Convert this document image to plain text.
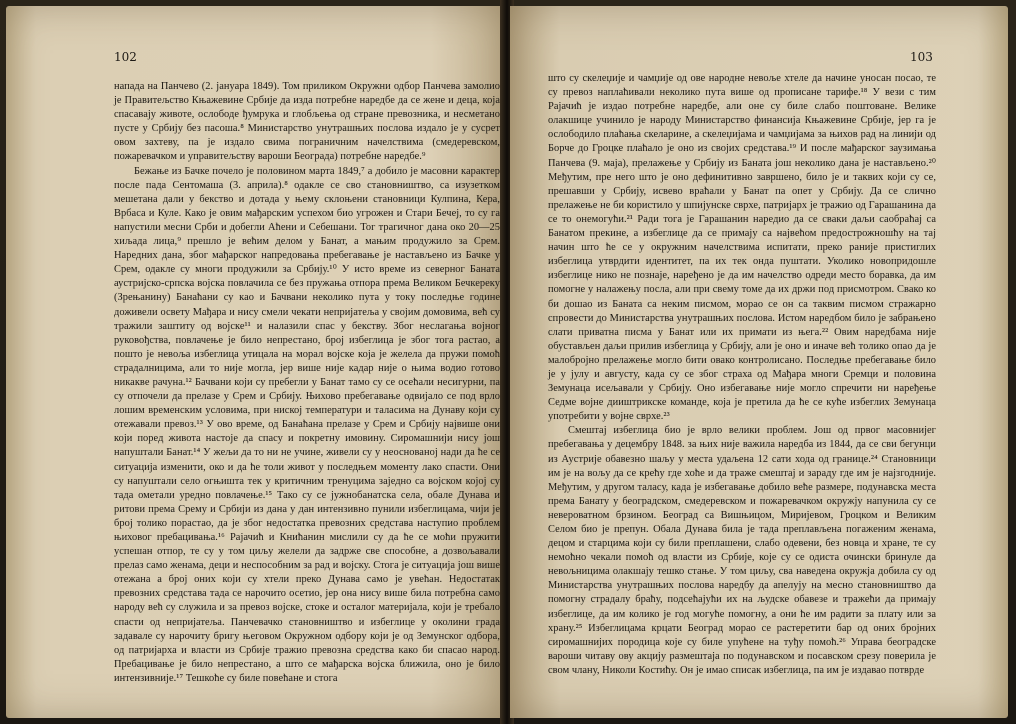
102

напада на Панчево (2. јануара 1849). Том приликом Окружни одбор Панчева замолио је Правитељство Књажевине Србије да изда потребне наредбе да се жене и деца, која спасавају животе, ослободе ђумрука и глобљења од стране превозника, и несметано пусте у Србију без пасоша.⁸ Министарство унутрашњих послова издало је у сусрет овом захтеву, па је издало свима пограничним начелствима (смедеревском, пожаревачком и управитељству вароши Београда) потребне наредбе.⁹

Бежање из Бачке почело је половином марта 1849,⁷ а добило је масовни карактер после пада Сентомаша (3. априла).⁸ одакле се сво становништво, са изузетком мешетана дали у бекство и дотада у њему склоњени становници Кулпина, Кера, Врбаса и Куле. Како је овим мађарским успехом био угрожен и Стари Бечеј, то су га напустили месни Срби и добегли Аћени и Себешани. Тог трагичног дана око 20—25 хиљада лица,⁹ прешло је већим делом у Банат, а мањим продужило за Срем. Наредних дана, због мађарског напредовања пребегавање је настављено из Бачке у Срем, одакле су многи продужили за Србију.¹⁰ У исто време из северног Баната аустријско-српска војска повлачила се без пружања отпора према Великом Бечкереку (Зрењанину) Банаћани су као и Бачвани неколико пута у току последње године доживели освету Мађара и нису смели чекати непријатеља у својим домовима, већ су тражили заштиту од војске¹¹ и налазили спас у бекству. Због неслагања војног руковођства, повлачење је било непрестано, број избеглица је због тога растао, а пошто је невоља избеглица утицала на морал војске која је желела да пружи помоћ страдалницима, али то није могла, јер више није кадар није о њима водио готово никакве рачуна.¹² Бачвани који су пребегли у Банат тамо су се осећали несигурни, па су отпочели да прелазе у Срем и Србију. Њихово пребегавање одвијало се под врло лошим временским условима, при ниској температури и таласима на Дунаву који су отежавали превоз.¹³ У ово време, од Банаћана прелазе у Срем и Србију највише они који поред живота настоје да спасу и покретну имовину. Сиромашнији нису још напуштали Банат.¹⁴ У жељи да то ни не учине, живели су у неоснованој нади да ће се ситуација изменити, око и да ће толи живот у последњем моменту лако спасти. Они су напуштали село огњишта тек у критичним тренуцима заједно са војском којој су тада ометали уредно повлачење.¹⁵ Тако су се јужнобанатска села, обале Дунава и ритови према Срему и Србији из дана у дан интензивно пунили избеглицама, чији је број толико порастао, да је због недостатка превозних средстава наступио проблем њиховог пребацивања.¹⁶ Рајачић и Книћанин мислили су да ће се моћи пружити успешан отпор, те су у том циљу желели да задрже све способне, а дозвољавали прелаз само женама, деци и неспособним за рад и војску. Стога је ситуација још више отежана а број оних који су хтели преко Дунава само је увећан. Недостатак превозних средстава тада се нарочито осетио, јер она нису више била потребна само народу већ су служила и за превоз војске, стоке и осталог материјала, који је требало спасти од непријатеља. Панчевачко становништво и избеглице у околини града задавале су нарочиту бригу његовом Окружном одбору који је од Земунског одбора, од патријарха и власти из Србије тражио превозна средства како би спасао народ. Пребацивање је било непрестано, а што се мађарска војска ближила, оно је било интензивније.¹⁷ Тешкоће су биле повећане и стога

103

што су скелеџије и чамџије од ове народне невоље хтеле да начине уносан посао, те су превоз наплаћивали неколико пута више од прописане тарифе.¹⁸ У вези с тим Рајачић је издао потребне наредбе, али оне су биле слабо поштоване. Велике олакшице учинило је народу Министарство финансија Књажевине Србије, јер га је ослободило плаћања скеларине, а скелеџијама и чамџијама за њихов рад на линији од Борче до Гроцке плаћало је оно из својих средстава.¹⁹ И после мађарског заузимања Панчева (9. маја), прелажење у Србију из Баната још неколико дана је настављено.²⁰ Међутим, пре него што је оно дефинитивно завршено, било је и таквих који су се, прешавши у Србију, исвево враћали у Банат па опет у Србију. Да се слично прелажење не би користило у шпијунске сврхе, патријарх је тражио од Гарашанина да се то онемогући.²¹ Ради тога је Гарашанин наредио да се сваки даљи саобраћај са Банатом прекине, а избеглице да се примају са највећом предострожношћу на тај начин што ће се у окружним начелствима испитати, преко раније пристиглих избеглица утврдити идентитет, па их тек онда пуштати. Уколико новопридошле избеглице нико не познаје, наређено је да им начелство одреди место боравка, да им помогне у налажењу посла, али при свему томе да их држи под присмотром. Свако ко би дошао из Баната са неким писмом, морао се он са таквим писмом стражарно спровести до Министарства унутрашњих послова. Истом наредбом било је забрањено слати приватна писма у Банат или их примати из њега.²² Овим наредбама није обустављен даљи прилив избеглица у Србију, али је оно и иначе већ толико опао да је малобројно прелажење могло бити овако контролисано. Последње пребегавање било је у јулу и августу, када су се због страха од Мађара многи Сремци и половина Земунаца исељавали у Србију. Оно избегавање није могло спречити ни наређење Седме војне дииштрикске команде, која је претила да ће се куће избеглих Земунаца употребити у војне сврхе.²³

Смештај избеглица био је врло велики проблем. Још од првог масовнијег пребегавања у децембру 1848. за њих није важила наредба из 1844, да се сви бегунци из Аустрије обавезно шаљу у места удаљена 12 сати хода од границе.²⁴ Становници им је на вољу да се крећу где хоће и да траже смештај и зараду где им је најзгодније. Међутим, у другом таласу, када је избегавање добило веће размере, подунавска места према Банату у београдском, смедеревском и пожаревачком окружју напунила су се невероватном брзином. Београд са Вишњицом, Миријевом, Гроцком и Великим Селом био је препун. Обала Дунава била је тада преплављена погаженим женама, децом и старцима који су били преплашени, слабо одевени, без новца и хране, те су немоћно чекали помоћ од власти из Србије, које су се одиста очински бринуле да невољницима олакшају тешко стање. У том циљу, сва наведена окружја добила су од Министарства унутрашњих послова наредбу да апелују на месно становништво да помогну страдалу браћу, подсећајући их на људске обавезе и тражећи да примају избеглице, да им колико је год могуће помогну, а они ће им радити за плату или за храну.²⁵ Избеглицама крцати Београд морао се растеретити бар од оних бројних сиромашнијих породица које су биле упућене на туђу помоћ.²⁶ Управа београдске вароши читаву ову акцију размештаја по подунавском и посавском срезу поверила је свом члану, Николи Костићу. Он је имао списак избеглица, па им је издавао потврде
